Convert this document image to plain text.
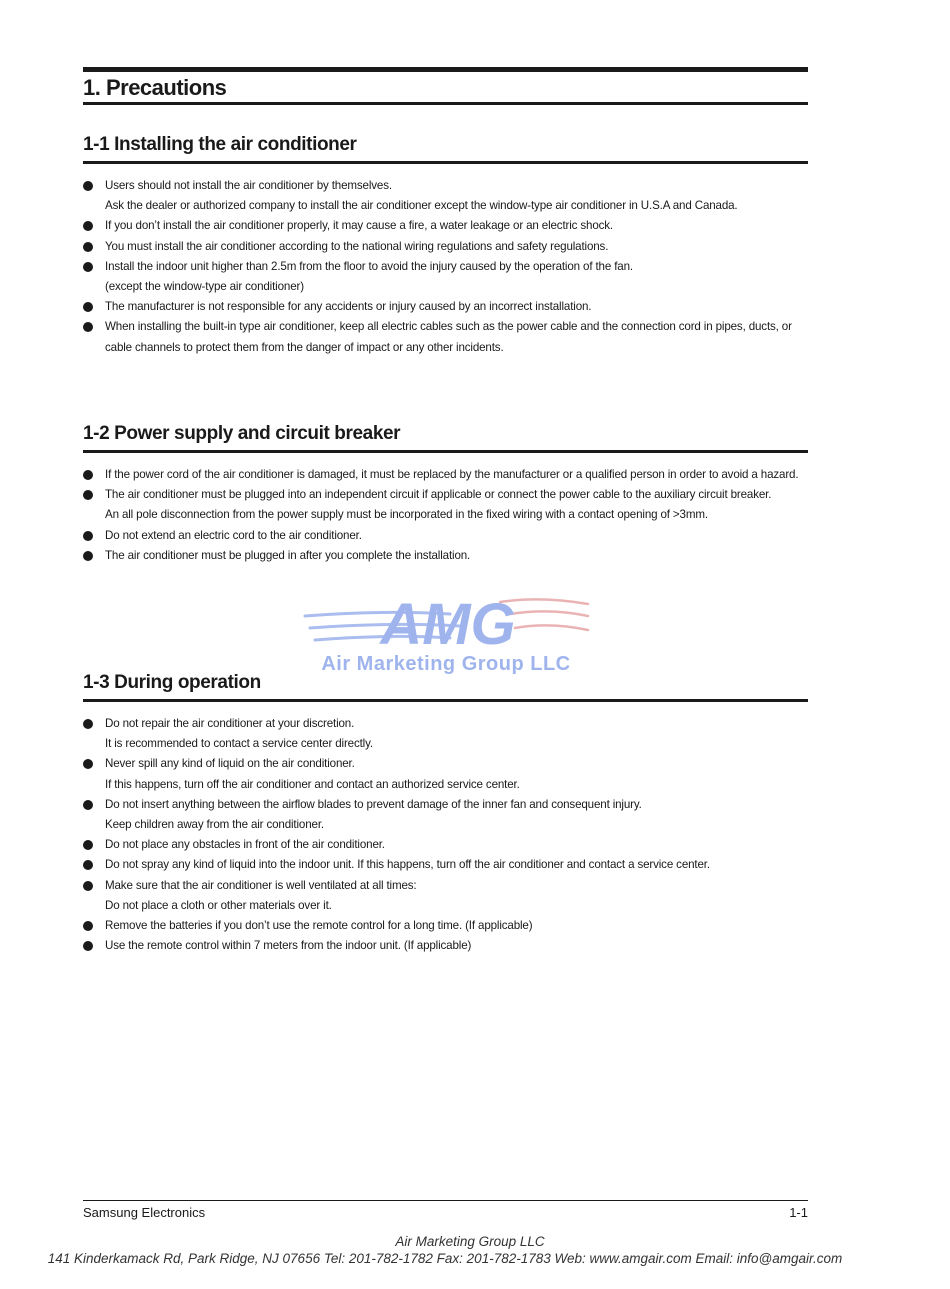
1. Precautions
1-1 Installing the air conditioner
Users should not install the air conditioner by themselves.
Ask the dealer or authorized company to install the air conditioner except the window-type air conditioner in U.S.A and Canada.
If you don’t install the air conditioner properly, it may cause a fire, a water leakage or an electric shock.
You must install the air conditioner according to the national wiring regulations and safety regulations.
Install the indoor unit higher than 2.5m from the floor to avoid the injury caused by the operation of the fan.
(except the window-type air conditioner)
The manufacturer is not responsible for any accidents or injury caused by an incorrect installation.
When installing the built-in type air conditioner, keep all electric cables such as the power cable and the connection cord in pipes, ducts, or cable channels to protect them from the danger of impact or any other incidents.
1-2 Power supply and circuit breaker
If the power cord of the air conditioner is damaged, it must be replaced by the manufacturer or a qualified person in order to avoid a hazard.
The air conditioner must be plugged into an independent circuit if applicable or connect the power cable to the auxiliary circuit breaker.
An all pole disconnection from the power supply must be incorporated in the fixed wiring with a contact opening of >3mm.
Do not extend an electric cord to the air conditioner.
The air conditioner must be plugged in after you complete the installation.
1-3 During operation
Do not repair the air conditioner at your discretion.
It is recommended to contact a service center directly.
Never spill any kind of liquid on the air conditioner.
If this happens, turn off the air conditioner and contact an authorized service center.
Do not insert anything between the airflow blades to prevent damage of the inner fan and consequent injury.
Keep children away from the air conditioner.
Do not place any obstacles in front of the air conditioner.
Do not spray any kind of liquid into the indoor unit. If this happens, turn off the air conditioner and contact a service center.
Make sure that the air conditioner is well ventilated at all times:
Do not place a cloth or other materials over it.
Remove the batteries if you don’t use the remote control for a long time. (If applicable)
Use the remote control within 7 meters from the indoor unit. (If applicable)
AMG
Air Marketing Group LLC
Samsung Electronics	1-1
Air Marketing Group LLC
141 Kinderkamack Rd, Park Ridge, NJ 07656 Tel: 201-782-1782 Fax: 201-782-1783 Web: www.amgair.com Email: info@amgair.com
